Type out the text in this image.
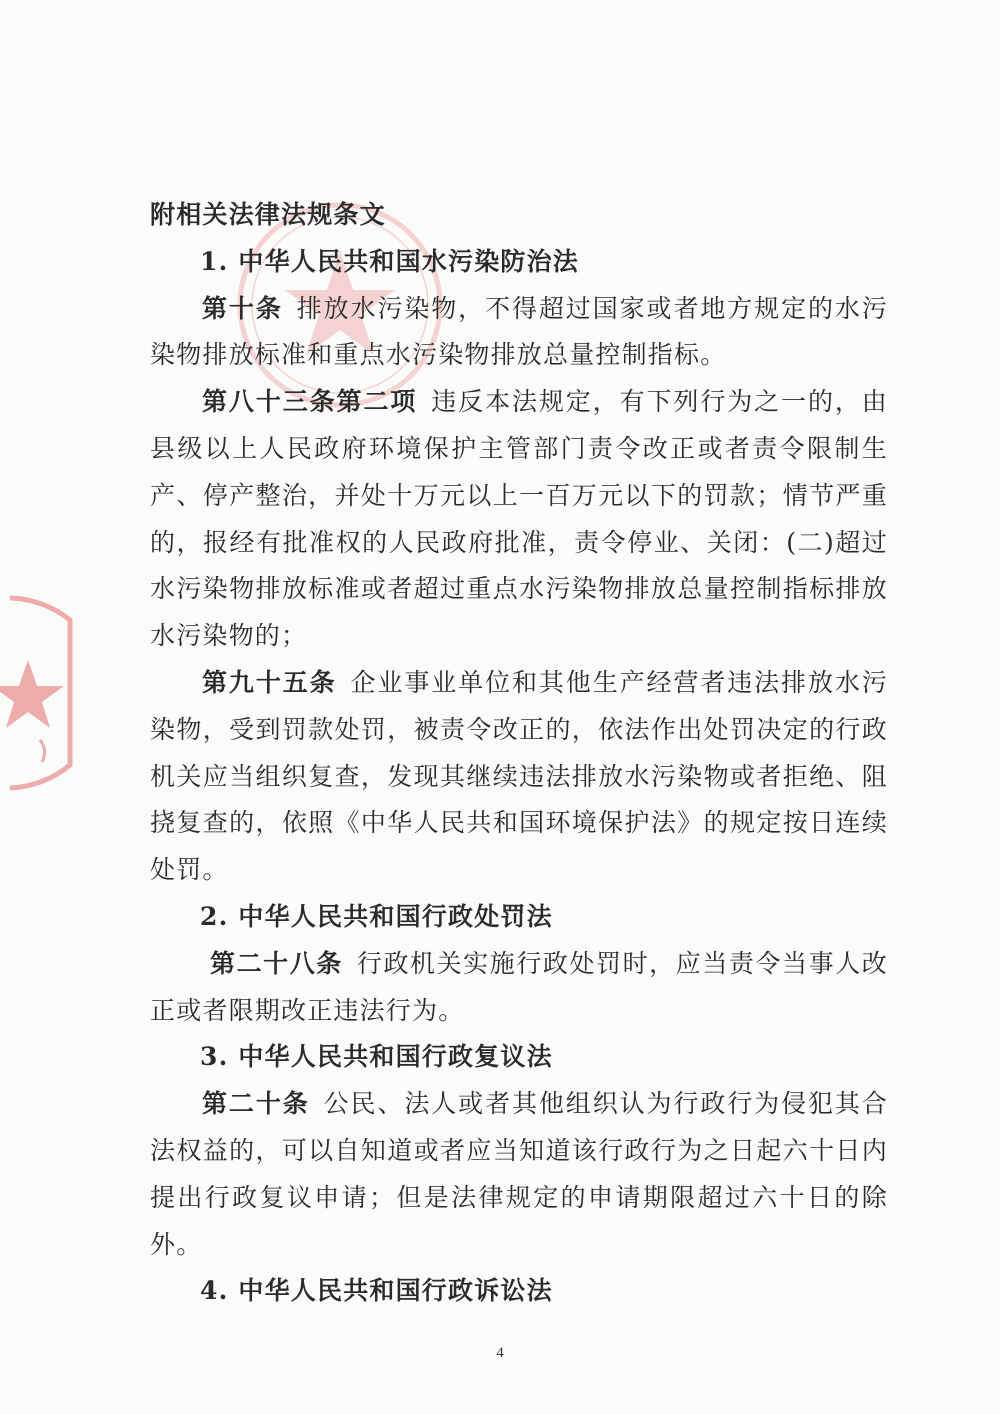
附相关法律法规条文

1. 中华人民共和国水污染防治法

第十条 排放水污染物，不得超过国家或者地方规定的水污染物排放标准和重点水污染物排放总量控制指标。

第八十三条第二项 违反本法规定，有下列行为之一的，由县级以上人民政府环境保护主管部门责令改正或者责令限制生产、停产整治，并处十万元以上一百万元以下的罚款；情节严重的，报经有批准权的人民政府批准，责令停业、关闭：(二)超过水污染物排放标准或者超过重点水污染物排放总量控制指标排放水污染物的；

第九十五条 企业事业单位和其他生产经营者违法排放水污染物，受到罚款处罚，被责令改正的，依法作出处罚决定的行政机关应当组织复查，发现其继续违法排放水污染物或者拒绝、阻挠复查的，依照《中华人民共和国环境保护法》的规定按日连续处罚。

2. 中华人民共和国行政处罚法

第二十八条 行政机关实施行政处罚时，应当责令当事人改正或者限期改正违法行为。

3. 中华人民共和国行政复议法

第二十条 公民、法人或者其他组织认为行政行为侵犯其合法权益的，可以自知道或者应当知道该行政行为之日起六十日内提出行政复议申请；但是法律规定的申请期限超过六十日的除外。

4. 中华人民共和国行政诉讼法

4
